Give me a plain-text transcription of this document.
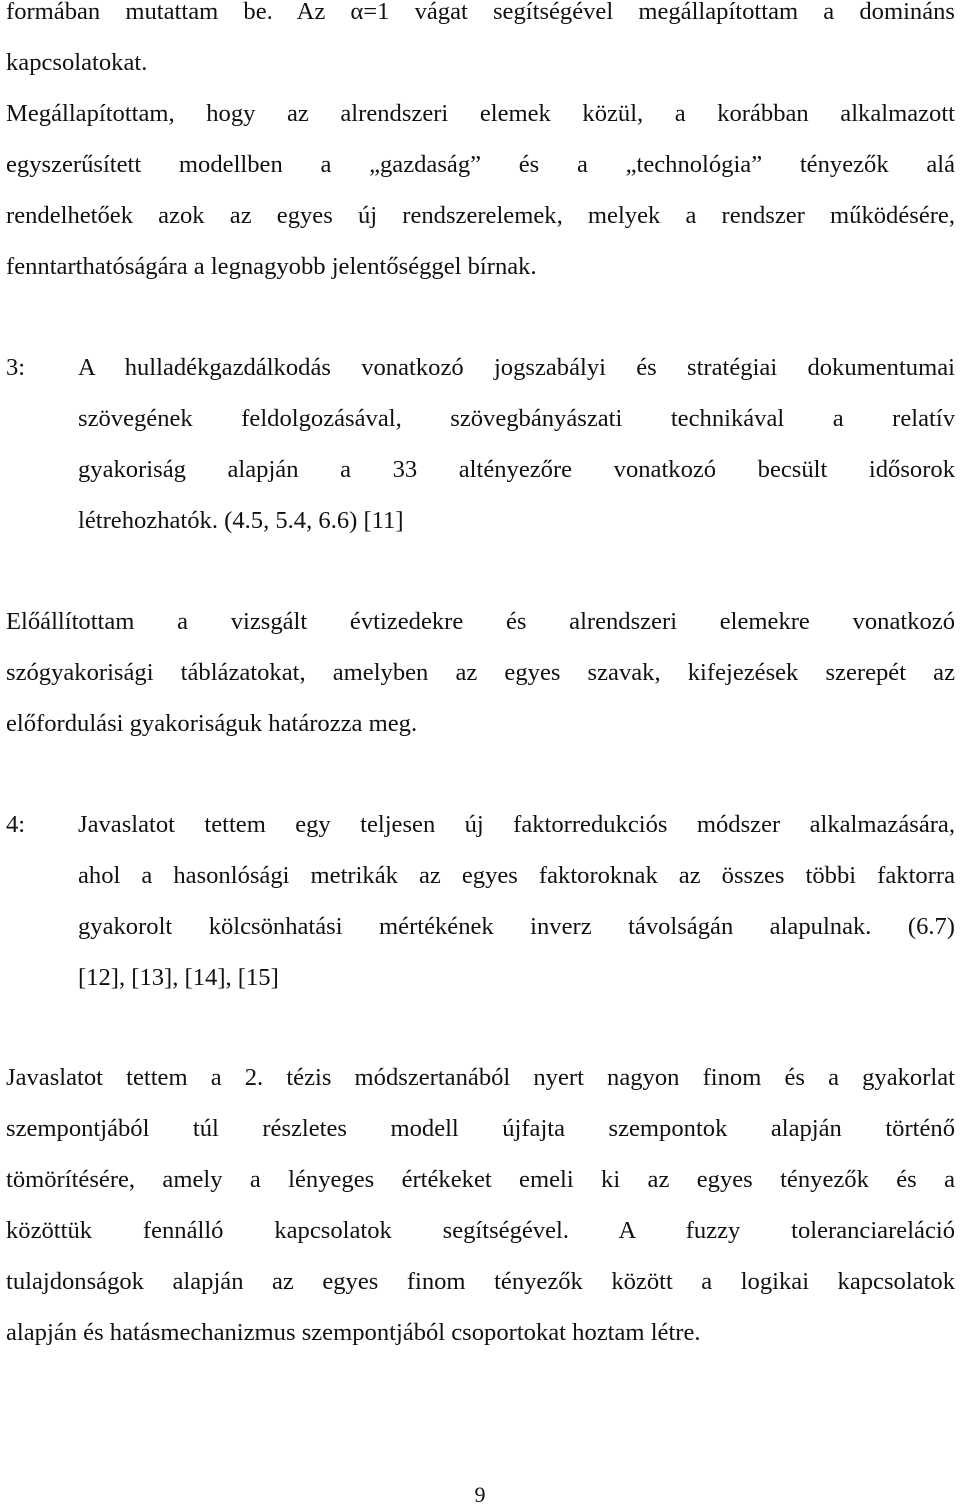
formában mutattam be. Az α=1 vágat segítségével megállapítottam a domináns
kapcsolatokat.
Megállapítottam, hogy az alrendszeri elemek közül, a korábban alkalmazott
egyszerűsített modellben a „gazdaság” és a „technológia” tényezők alá
rendelhetőek azok az egyes új rendszerelemek, melyek a rendszer működésére,
fenntarthatóságára a legnagyobb jelentőséggel bírnak.
3: A hulladékgazdálkodás vonatkozó jogszabályi és stratégiai dokumentumai
szövegének feldolgozásával, szövegbányászati technikával a relatív
gyakoriság alapján a 33 altényezőre vonatkozó becsült idősorok
létrehozhatók. (4.5, 5.4, 6.6) [11]
Előállítottam a vizsgált évtizedekre és alrendszeri elemekre vonatkozó
szógyakorisági táblázatokat, amelyben az egyes szavak, kifejezések szerepét az
előfordulási gyakoriságuk határozza meg.
4: Javaslatot tettem egy teljesen új faktorredukciós módszer alkalmazására,
ahol a hasonlósági metrikák az egyes faktoroknak az összes többi faktorra
gyakorolt kölcsönhatási mértékének inverz távolságán alapulnak. (6.7)
[12], [13], [14], [15]
Javaslatot tettem a 2. tézis módszertanából nyert nagyon finom és a gyakorlat
szempontjából túl részletes modell újfajta szempontok alapján történő
tömörítésére, amely a lényeges értékeket emeli ki az egyes tényezők és a
közöttük fennálló kapcsolatok segítségével. A fuzzy toleranciareláció
tulajdonságok alapján az egyes finom tényezők között a logikai kapcsolatok
alapján és hatásmechanizmus szempontjából csoportokat hoztam létre.
9
